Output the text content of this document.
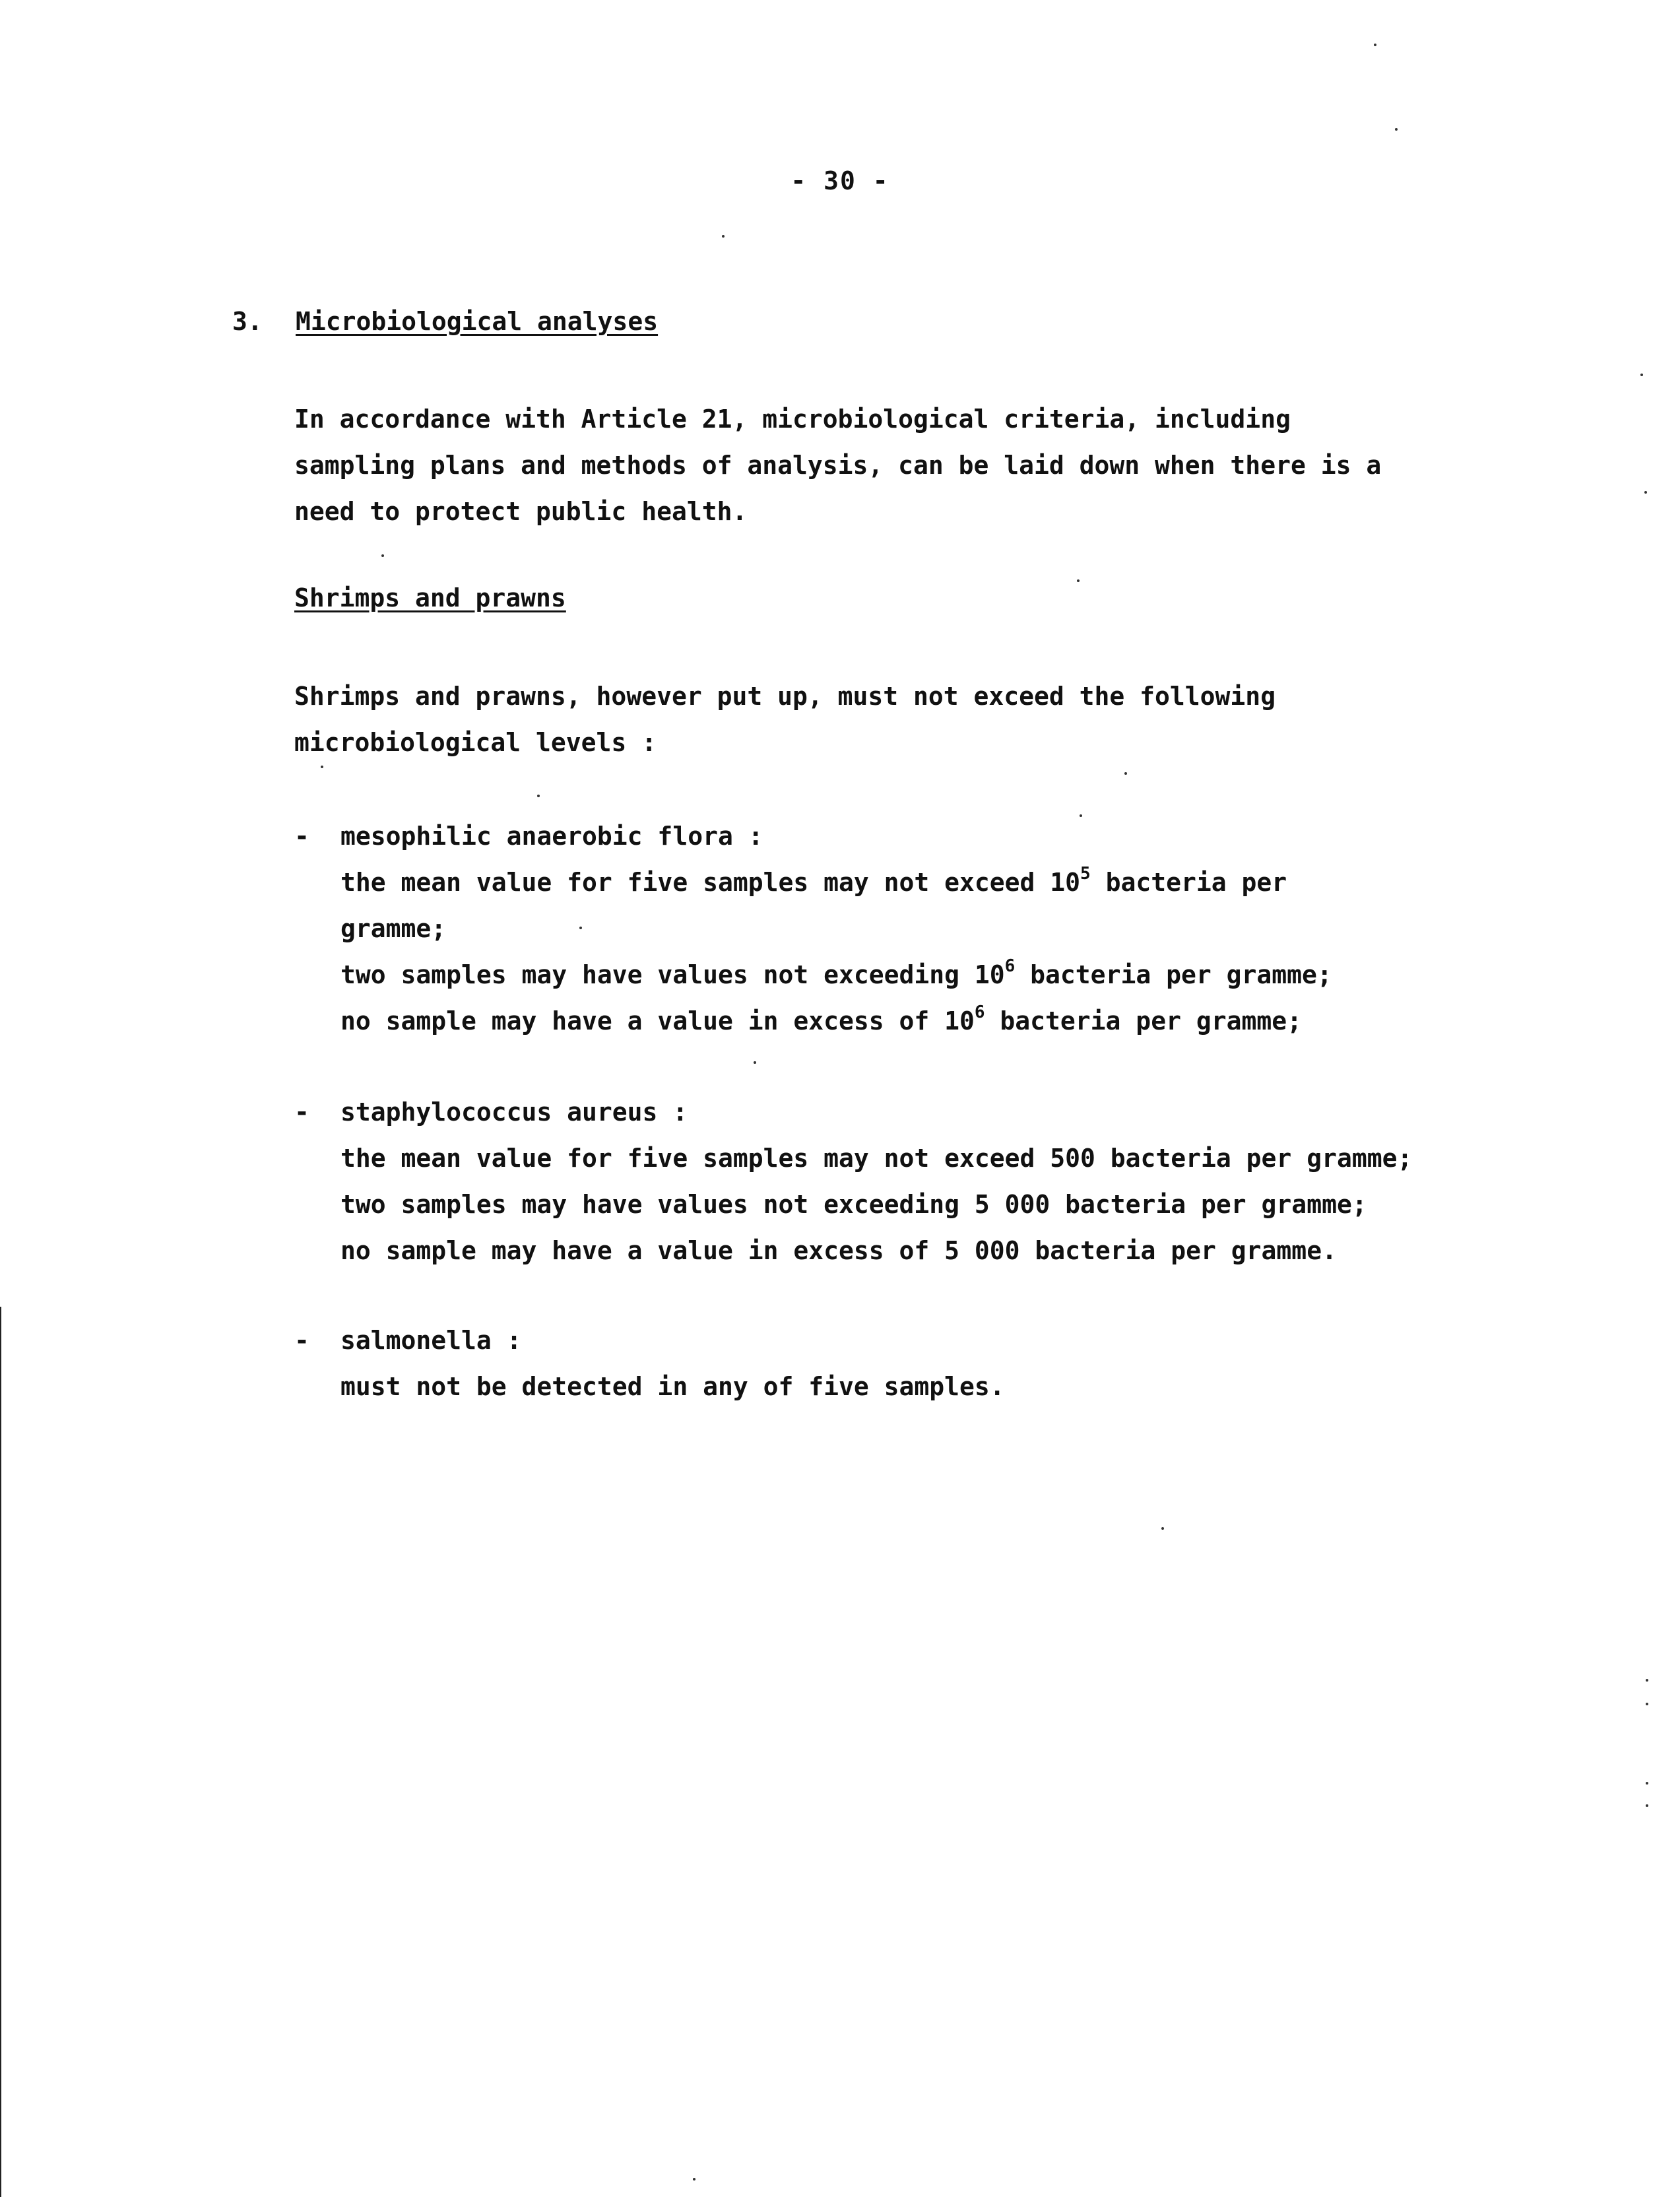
- 30 -
3. Microbiological analyses
In accordance with Article 21, microbiological criteria, including
sampling plans and methods of analysis, can be laid down when there is a
need to protect public health.
Shrimps and prawns
Shrimps and prawns, however put up, must not exceed the following
microbiological levels :
-	mesophilic anaerobic flora :
the mean value for five samples may not exceed $10^5$ bacteria per
gramme;
two samples may have values not exceeding $10^6$ bacteria per gramme;
no sample may have a value in excess of $10^6$ bacteria per gramme;
-	staphylococcus aureus :
the mean value for five samples may not exceed 500 bacteria per gramme;
two samples may have values not exceeding 5 000 bacteria per gramme;
no sample may have a value in excess of 5 000 bacteria per gramme.
-	salmonella :
must not be detected in any of five samples.
